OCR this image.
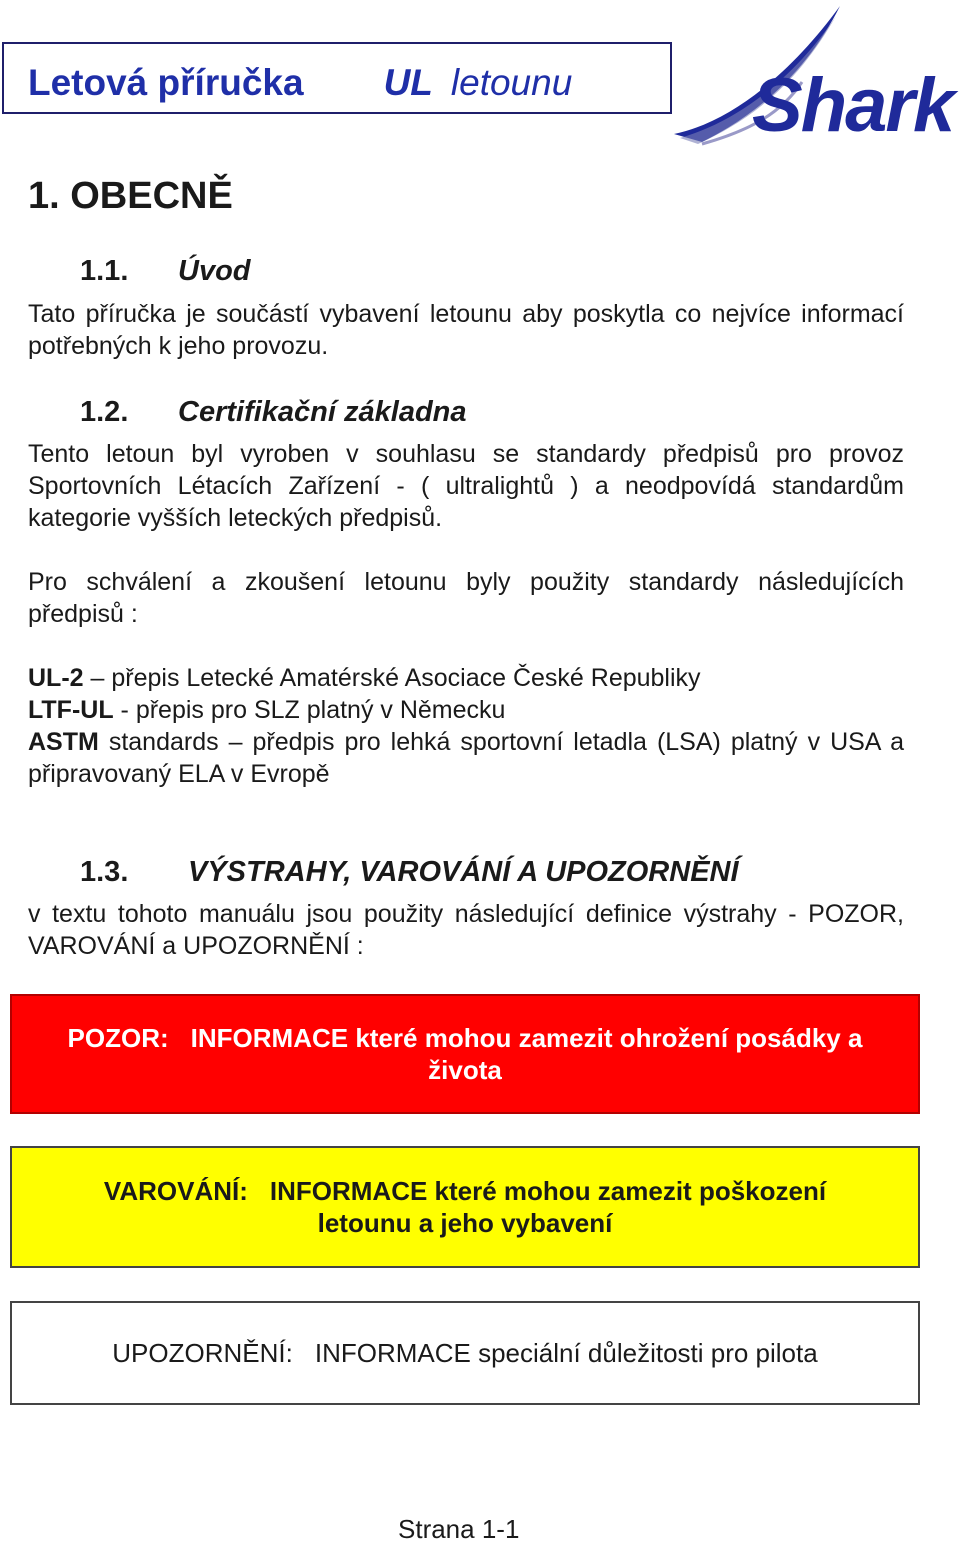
Letová příručka UL letounu Shark
1. OBECNĚ
1.1. Úvod
Tato příručka je součástí vybavení letounu aby poskytla co nejvíce informací potřebných k jeho provozu.
1.2. Certifikační základna
Tento letoun byl vyroben v souhlasu se standardy předpisů pro provoz Sportovních Létacích Zařízení - ( ultralightů ) a neodpovídá standardům kategorie vyšších leteckých předpisů.
Pro schválení a zkoušení letounu byly použity standardy následujících předpisů :
UL-2 – přepis Letecké Amatérské Asociace České Republiky
LTF-UL - přepis pro SLZ platný v Německu
ASTM standards – předpis pro lehká sportovní letadla (LSA) platný v USA a připravovaný ELA v Evropě
1.3. VÝSTRAHY, VAROVÁNÍ A UPOZORNĚNÍ
v textu tohoto manuálu jsou použity následující definice výstrahy - POZOR, VAROVÁNÍ a UPOZORNĚNÍ :
POZOR: INFORMACE které mohou zamezit ohrožení posádky a života
VAROVÁNÍ: INFORMACE které mohou zamezit poškození letounu a jeho vybavení
UPOZORNĚNÍ: INFORMACE speciální důležitosti pro pilota
Strana 1-1
